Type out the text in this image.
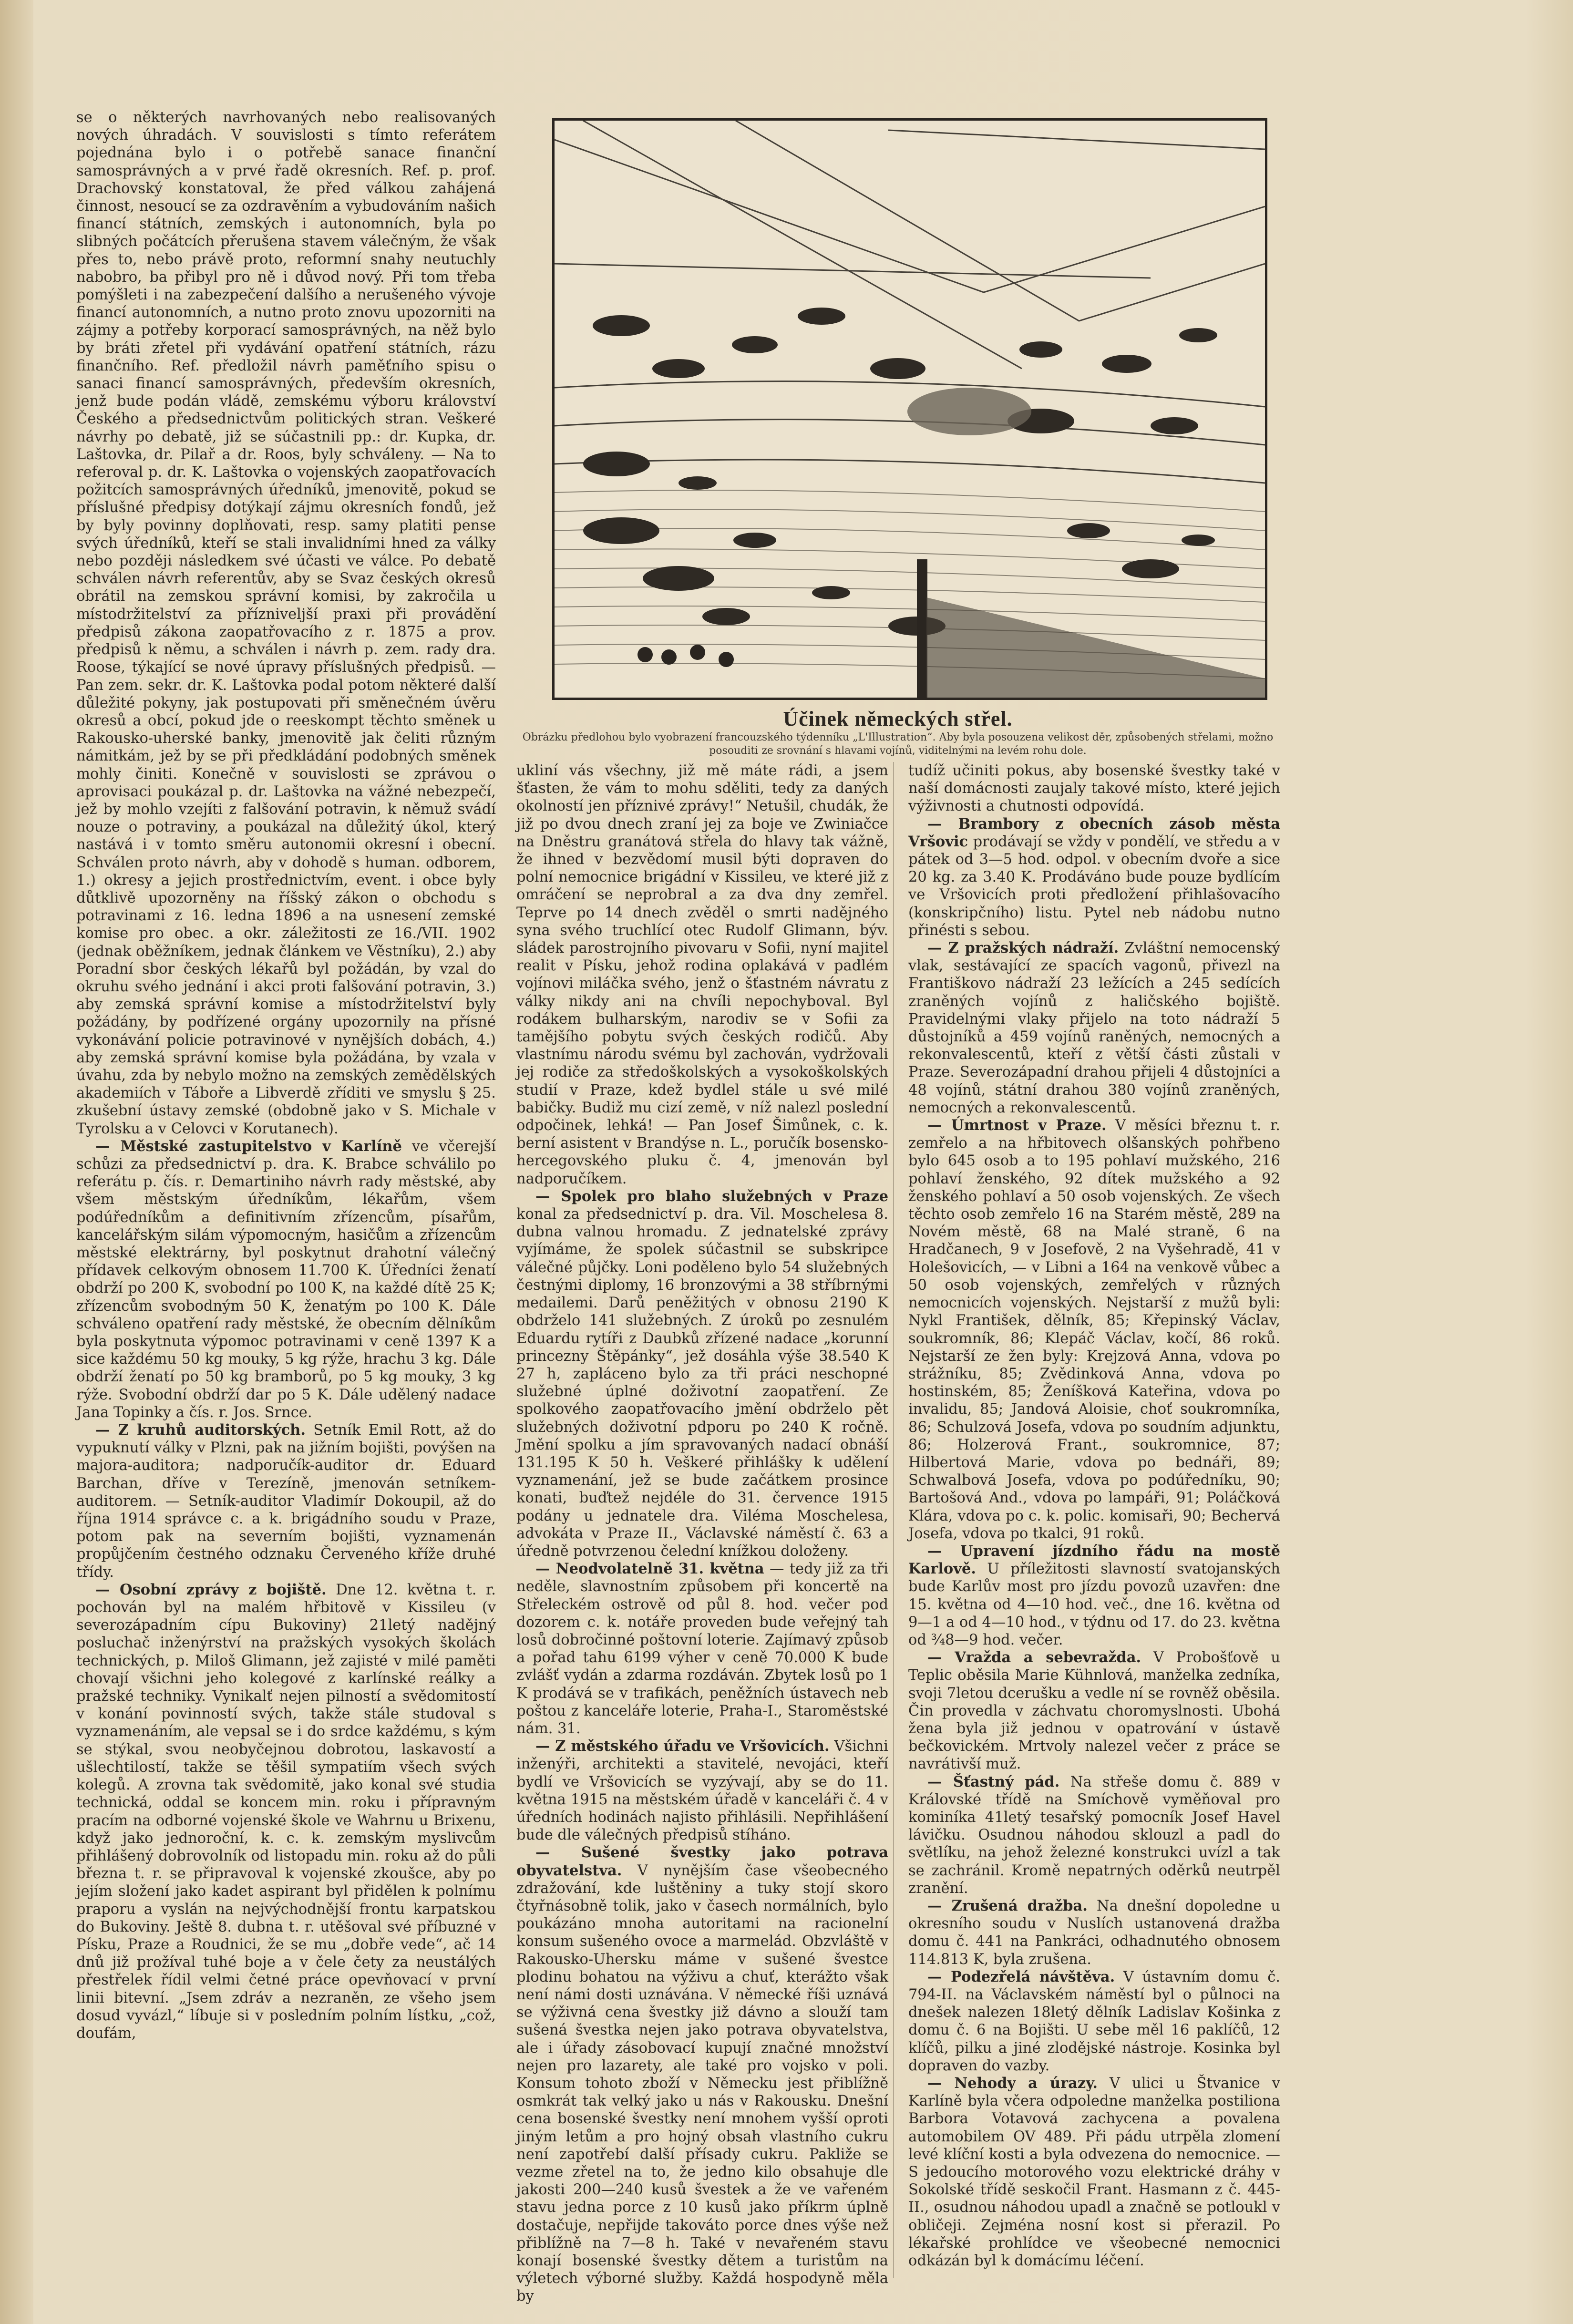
se o některých navrhovaných nebo realisovaných nových úhradách. V souvislosti s tímto referátem pojednána bylo i o potřebě sanace finanční samosprávných a v prvé řadě okresních. Ref. p. prof. Drachovský konstatoval, že před válkou zahájená činnost, nesoucí se za ozdravěním a vybudováním našich financí státních, zemských i autonomních, byla po slibných počátcích přerušena stavem válečným, že však přes to, nebo právě proto, reformní snahy neutuchly nabobro, ba přibyl pro ně i důvod nový. Při tom třeba pomýšleti i na zabezpečení dalšího a nerušeného vývoje financí autonomních, a nutno proto znovu upozorniti na zájmy a potřeby korporací samosprávných, na něž bylo by bráti zřetel při vydávání opatření státních, rázu finančního. Ref. předložil návrh paměťního spisu o sanaci financí samosprávných, především okresních, jenž bude podán vládě, zemskému výboru království Českého a předsednictvům politických stran. Veškeré návrhy po debatě, již se súčastnili pp.: dr. Kupka, dr. Laštovka, dr. Pilař a dr. Roos, byly schváleny. — Na to referoval p. dr. K. Laštovka o vojenských zaopatřovacích požitcích samosprávných úředníků, jmenovitě, pokud se příslušné předpisy dotýkají zájmu okresních fondů, jež by byly povinny doplňovati, resp. samy platiti pense svých úředníků, kteří se stali invalidními hned za války nebo později následkem své účasti ve válce. Po debatě schválen návrh referentův, aby se Svaz českých okresů obrátil na zemskou správní komisi, by zakročila u místodržitelství za přízniveljší praxi při provádění předpisů zákona zaopatřovacího z r. 1875 a prov. předpisů k němu, a schválen i návrh p. zem. rady dra. Roose, týkající se nové úpravy příslušných předpisů. — Pan zem. sekr. dr. K. Laštovka podal potom některé další důležité pokyny, jak postupovati při směnečném úvěru okresů a obcí, pokud jde o reeskompt těchto směnek u Rakousko-uherské banky, jmenovitě jak čeliti různým námitkám, jež by se při předkládání podobných směnek mohly činiti. Konečně v souvislosti se zprávou o aprovisaci poukázal p. dr. Laštovka na vážné nebezpečí, jež by mohlo vzejíti z falšování potravin, k němuž svádí nouze o potraviny, a poukázal na důležitý úkol, který nastává i v tomto směru autonomii okresní i obecní. Schválen proto návrh, aby v dohodě s human. odborem, 1.) okresy a jejich prostřednictvím, event. i obce byly důtklivě upozorněny na říšský zákon o obchodu s potravinami z 16. ledna 1896 a na usnesení zemské komise pro obec. a okr. záležitosti ze 16./VII. 1902 (jednak oběžníkem, jednak článkem ve Věstníku), 2.) aby Poradní sbor českých lékařů byl požádán, by vzal do okruhu svého jednání i akci proti falšování potravin, 3.) aby zemská správní komise a místodržitelství byly požádány, by podřízené orgány upozornily na přísné vykonávání policie potravinové v nynějších dobách, 4.) aby zemská správní komise byla požádána, by vzala v úvahu, zda by nebylo možno na zemských zemědělských akademiích v Táboře a Libverdě zříditi ve smyslu § 25. zkušební ústavy zemské (obdobně jako v S. Michale v Tyrolsku a v Celovci v Korutanech).

— Městské zastupitelstvo v Karlíně ve včerejší schůzi za předsednictví p. dra. K. Brabce schválilo po referátu p. čís. r. Demartiniho návrh rady městské, aby všem městským úředníkům, lékařům, všem podúředníkům a definitivním zřízencům, písařům, kancelářským silám výpomocným, hasičům a zřízencům městské elektrárny, byl poskytnut drahotní válečný přídavek celkovým obnosem 11.700 K. Úředníci ženatí obdrží po 200 K, svobodní po 100 K, na každé dítě 25 K; zřízencům svobodným 50 K, ženatým po 100 K. Dále schváleno opatření rady městské, že obecním dělníkům byla poskytnuta výpomoc potravinami v ceně 1397 K a sice každému 50 kg mouky, 5 kg rýže, hrachu 3 kg. Dále obdrží ženatí po 50 kg bramborů, po 5 kg mouky, 3 kg rýže. Svobodní obdrží dar po 5 K. Dále udělený nadace Jana Topinky a čís. r. Jos. Srnce.

— Z kruhů auditorských. Setník Emil Rott, až do vypuknutí války v Plzni, pak na jižním bojišti, povýšen na majora-auditora; nadporučík-auditor dr. Eduard Barchan, dříve v Terezíně, jmenován setníkem-auditorem. — Setník-auditor Vladimír Dokoupil, až do října 1914 správce c. a k. brigádního soudu v Praze, potom pak na severním bojišti, vyznamenán propůjčením čestného odznaku Červeného kříže druhé třídy.

— Osobní zprávy z bojiště. Dne 12. května t. r. pochován byl na malém hřbitově v Kissileu (v severozápadním cípu Bukoviny) 21letý nadějný posluchač inženýrství na pražských vysokých školách technických, p. Miloš Glimann, jež zajisté v milé paměti chovají všichni jeho kolegové z karlínské reálky a pražské techniky. Vynikalť nejen pilností a svědomitostí v konání povinností svých, takže stále studoval s vyznamenáním, ale vepsal se i do srdce každému, s kým se stýkal, svou neobyčejnou dobrotou, laskavostí a ušlechtilostí, takže se těšil sympatiím všech svých kolegů. A zrovna tak svědomitě, jako konal své studia technická, oddal se koncem min. roku i přípravným pracím na odborné vojenské škole ve Wahrnu u Brixenu, když jako jednoroční, k. c. k. zemským myslivcům přihlášený dobrovolník od listopadu min. roku až do půli března t. r. se připravoval k vojenské zkoušce, aby po jejím složení jako kadet aspirant byl přidělen k polnímu praporu a vyslán na nejvýchodnější frontu karpatskou do Bukoviny. Ještě 8. dubna t. r. utěšoval své příbuzné v Písku, Praze a Roudnici, že se mu „dobře vede“, ač 14 dnů již prožíval tuhé boje a v čele čety za neustálých přestřelek řídil velmi četné práce opevňovací v první linii bitevní. „Jsem zdráv a nezraněn, ze všeho jsem dosud vyvázl,“ líbuje si v posledním polním lístku, „což, doufám,

Účinek německých střel.
Obrázku předlohou bylo vyobrazení francouzského týdenníku „L'Illustration“. Aby byla posouzena velikost děr, způsobených střelami, možno posouditi ze srovnání s hlavami vojínů, viditelnými na levém rohu dole.

ukliní vás všechny, již mě máte rádi, a jsem šťasten, že vám to mohu sděliti, tedy za daných okolností jen příznivé zprávy!“ Netušil, chudák, že již po dvou dnech zraní jej za boje ve Zwiniačce na Dněstru granátová střela do hlavy tak vážně, že ihned v bezvědomí musil býti dopraven do polní nemocnice brigádní v Kissileu, ve které již z omráčení se neprobral a za dva dny zemřel. Teprve po 14 dnech zvěděl o smrti nadějného syna svého truchlící otec Rudolf Glimann, býv. sládek parostrojního pivovaru v Sofii, nyní majitel realit v Písku, jehož rodina oplakává v padlém vojínovi miláčka svého, jenž o šťastném návratu z války nikdy ani na chvíli nepochyboval. Byl rodákem bulharským, narodiv se v Sofii za tamějšího pobytu svých českých rodičů. Aby vlastnímu národu svému byl zachován, vydržovali jej rodiče za středoškolských a vysokoškolských studií v Praze, kdež bydlel stále u své milé babičky. Budiž mu cizí země, v níž nalezl poslední odpočinek, lehká! — Pan Josef Šimůnek, c. k. berní asistent v Brandýse n. L., poručík bosensko-hercegovského pluku č. 4, jmenován byl nadporučíkem.

— Spolek pro blaho služebných v Praze konal za předsednictví p. dra. Vil. Moschelesa 8. dubna valnou hromadu. Z jednatelské zprávy vyjímáme, že spolek súčastnil se subskripce válečné půjčky. Loni poděleno bylo 54 služebných čestnými diplomy, 16 bronzovými a 38 stříbrnými medailemi. Darů peněžitých v obnosu 2190 K obdrželo 141 služebných. Z úroků po zesnulém Eduardu rytíři z Daubků zřízené nadace „korunní princezny Štěpánky“, jež dosáhla výše 38.540 K 27 h, zapláceno bylo za tři práci neschopné služebné úplné doživotní zaopatření. Ze spolkového zaopatřovacího jmění obdrželo pět služebných doživotní pdporu po 240 K ročně. Jmění spolku a jím spravovaných nadací obnáší 131.195 K 50 h. Veškeré přihlášky k udělení vyznamenání, jež se bude začátkem prosince konati, buďtež nejdéle do 31. července 1915 podány u jednatele dra. Viléma Moschelesa, advokáta v Praze II., Václavské náměstí č. 63 a úředně potvrzenou čelední knížkou doloženy.

— Neodvolatelně 31. května — tedy již za tři neděle, slavnostním způsobem při koncertě na Střeleckém ostrově od půl 8. hod. večer pod dozorem c. k. notáře proveden bude veřejný tah losů dobročinné poštovní loterie. Zajímavý způsob a pořad tahu 6199 výher v ceně 70.000 K bude zvlášť vydán a zdarma rozdáván. Zbytek losů po 1 K prodává se v trafikách, peněžních ústavech neb poštou z kanceláře loterie, Praha-I., Staroměstské nám. 31.

— Z městského úřadu ve Vršovicích. Všichni inženýři, architekti a stavitelé, nevojáci, kteří bydlí ve Vršovicích se vyzývají, aby se do 11. května 1915 na městském úřadě v kanceláři č. 4 v úředních hodinách najisto přihlásili. Nepřihlášení bude dle válečných předpisů stíháno.

— Sušené švestky jako potrava obyvatelstva. V nynějším čase všeobecného zdražování, kde luštěniny a tuky stojí skoro čtyřnásobně tolik, jako v časech normálních, bylo poukázáno mnoha autoritami na racionelní konsum sušeného ovoce a marmelád. Obzvláště v Rakousko-Uhersku máme v sušené švestce plodinu bohatou na výživu a chuť, kterážto však není námi dosti uznávána. V německé říši uznává se výživná cena švestky již dávno a slouží tam sušená švestka nejen jako potrava obyvatelstva, ale i úřady zásobovací kupují značné množství nejen pro lazarety, ale také pro vojsko v poli. Konsum tohoto zboží v Německu jest přiblížně osmkrát tak velký jako u nás v Rakousku. Dnešní cena bosenské švestky není mnohem vyšší oproti jiným letům a pro hojný obsah vlastního cukru není zapotřebí další přísady cukru. Pakliže se vezme zřetel na to, že jedno kilo obsahuje dle jakosti 200—240 kusů švestek a že ve vařeném stavu jedna porce z 10 kusů jako příkrm úplně dostačuje, nepřijde takováto porce dnes výše než přiblížně na 7—8 h. Také v nevařeném stavu konají bosenské švestky dětem a turistům na výletech výborné služby. Každá hospodyně měla by

tudíž učiniti pokus, aby bosenské švestky také v naší domácnosti zaujaly takové místo, které jejich výživnosti a chutnosti odpovídá.

— Brambory z obecních zásob města Vršovic prodávají se vždy v pondělí, ve středu a v pátek od 3—5 hod. odpol. v obecním dvoře a sice 20 kg. za 3.40 K. Prodáváno bude pouze bydlícím ve Vršovicích proti předložení přihlašovacího (konskripčního) listu. Pytel neb nádobu nutno přinésti s sebou.

— Z pražských nádraží. Zvláštní nemocenský vlak, sestávající ze spacích vagonů, přivezl na Františkovo nádraží 23 ležících a 245 sedících zraněných vojínů z haličského bojiště. Pravidelnými vlaky přijelo na toto nádraží 5 důstojníků a 459 vojínů raněných, nemocných a rekonvalescentů, kteří z větší části zůstali v Praze. Severozápadní drahou přijeli 4 důstojníci a 48 vojínů, státní drahou 380 vojínů zraněných, nemocných a rekonvalescentů.

— Úmrtnost v Praze. V měsíci březnu t. r. zemřelo a na hřbitovech olšanských pohřbeno bylo 645 osob a to 195 pohlaví mužského, 216 pohlaví ženského, 92 dítek mužského a 92 ženského pohlaví a 50 osob vojenských. Ze všech těchto osob zemřelo 16 na Starém městě, 289 na Novém městě, 68 na Malé straně, 6 na Hradčanech, 9 v Josefově, 2 na Vyšehradě, 41 v Holešovicích, — v Libni a 164 na venkově vůbec a 50 osob vojenských, zemřelých v různých nemocnicích vojenských. Nejstarší z mužů byli: Nykl František, dělník, 85; Křepinský Václav, soukromník, 86; Klepáč Václav, kočí, 86 roků. Nejstarší ze žen byly: Krejzová Anna, vdova po strážníku, 85; Zvědinková Anna, vdova po hostinském, 85; Ženíšková Kateřina, vdova po invalidu, 85; Jandová Aloisie, choť soukromníka, 86; Schulzová Josefa, vdova po soudním adjunktu, 86; Holzerová Frant., soukromnice, 87; Hilbertová Marie, vdova po bednáři, 89; Schwalbová Josefa, vdova po podúředníku, 90; Bartošová And., vdova po lampáři, 91; Poláčková Klára, vdova po c. k. polic. komisaři, 90; Bechervá Josefa, vdova po tkalci, 91 roků.

— Upravení jízdního řádu na mostě Karlově. U příležitosti slavností svatojanských bude Karlův most pro jízdu povozů uzavřen: dne 15. května od 4—10 hod. več., dne 16. května od 9—1 a od 4—10 hod., v týdnu od 17. do 23. května od ¾8—9 hod. večer.

— Vražda a sebevražda. V Probošťově u Teplic oběsila Marie Kühnlová, manželka zedníka, svoji 7letou dcerušku a vedle ní se rovněž oběsila. Čin provedla v záchvatu choromyslnosti. Ubohá žena byla již jednou v opatrování v ústavě bečkovickém. Mrtvoly nalezel večer z práce se navrátivší muž.

— Šťastný pád. Na střeše domu č. 889 v Královské třídě na Smíchově vyměňoval pro kominíka 41letý tesařský pomocník Josef Havel lávičku. Osudnou náhodou sklouzl a padl do světlíku, na jehož železné konstrukci uvízl a tak se zachránil. Kromě nepatrných oděrků neutrpěl zranění.

— Zrušená dražba. Na dnešní dopoledne u okresního soudu v Nuslích ustanovená dražba domu č. 441 na Pankráci, odhadnutého obnosem 114.813 K, byla zrušena.

— Podezřelá návštěva. V ústavním domu č. 794-II. na Václavském náměstí byl o půlnoci na dnešek nalezen 18letý dělník Ladislav Košinka z domu č. 6 na Bojišti. U sebe měl 16 paklíčů, 12 klíčů, pilku a jiné zlodějské nástroje. Kosinka byl dopraven do vazby.

— Nehody a úrazy. V ulici u Štvanice v Karlíně byla včera odpoledne manželka postiliona Barbora Votavová zachycena a povalena automobilem OV 489. Při pádu utrpěla zlomení levé klíční kosti a byla odvezena do nemocnice. — S jedoucího motorového vozu elektrické dráhy v Sokolské třídě seskočil Frant. Hasmann z č. 445-II., osudnou náhodou upadl a značně se potloukl v obličeji. Zejména nosní kost si přerazil. Po lékařské prohlídce ve všeobecné nemocnici odkázán byl k domácímu léčení.
